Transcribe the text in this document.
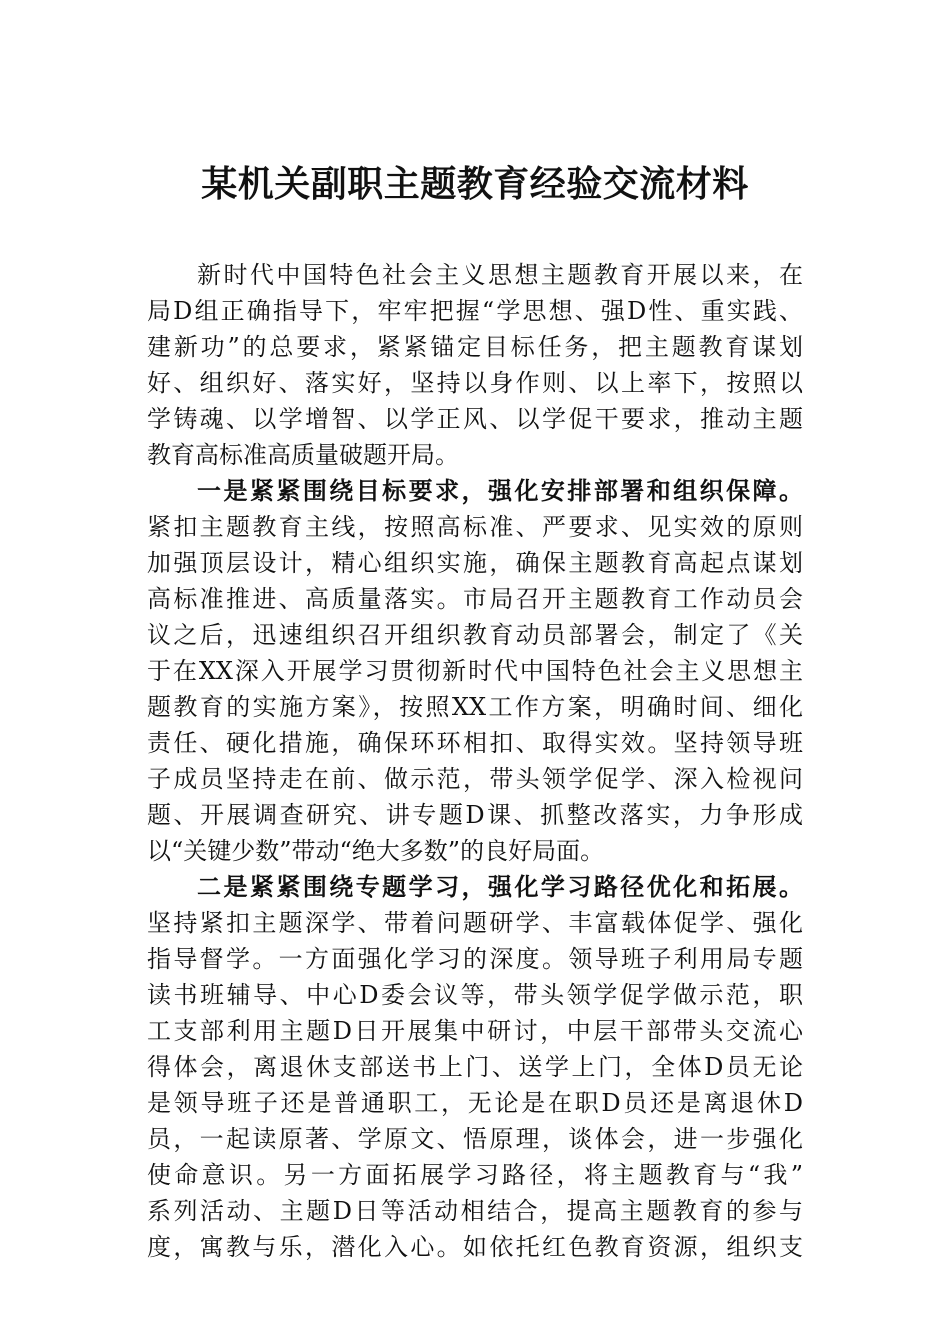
某机关副职主题教育经验交流材料
新时代中国特色社会主义思想主题教育开展以来，在
局D组正确指导下，牢牢把握“学思想、强D性、重实践、
建新功”的总要求，紧紧锚定目标任务，把主题教育谋划
好、组织好、落实好，坚持以身作则、以上率下，按照以
学铸魂、以学增智、以学正风、以学促干要求，推动主题
教育高标准高质量破题开局。
一是紧紧围绕目标要求，强化安排部署和组织保障。
紧扣主题教育主线，按照高标准、严要求、见实效的原则
加强顶层设计，精心组织实施，确保主题教育高起点谋划
高标准推进、高质量落实。市局召开主题教育工作动员会
议之后，迅速组织召开组织教育动员部署会，制定了《关
于在XX深入开展学习贯彻新时代中国特色社会主义思想主
题教育的实施方案》，按照XX工作方案，明确时间、细化
责任、硬化措施，确保环环相扣、取得实效。坚持领导班
子成员坚持走在前、做示范，带头领学促学、深入检视问
题、开展调查研究、讲专题D课、抓整改落实，力争形成
以“关键少数”带动“绝大多数”的良好局面。
二是紧紧围绕专题学习，强化学习路径优化和拓展。
坚持紧扣主题深学、带着问题研学、丰富载体促学、强化
指导督学。一方面强化学习的深度。领导班子利用局专题
读书班辅导、中心D委会议等，带头领学促学做示范，职
工支部利用主题D日开展集中研讨，中层干部带头交流心
得体会，离退休支部送书上门、送学上门，全体D员无论
是领导班子还是普通职工，无论是在职D员还是离退休D
员，一起读原著、学原文、悟原理，谈体会，进一步强化
使命意识。另一方面拓展学习路径，将主题教育与“我”
系列活动、主题D日等活动相结合，提高主题教育的参与
度，寓教与乐，潜化入心。如依托红色教育资源，组织支
